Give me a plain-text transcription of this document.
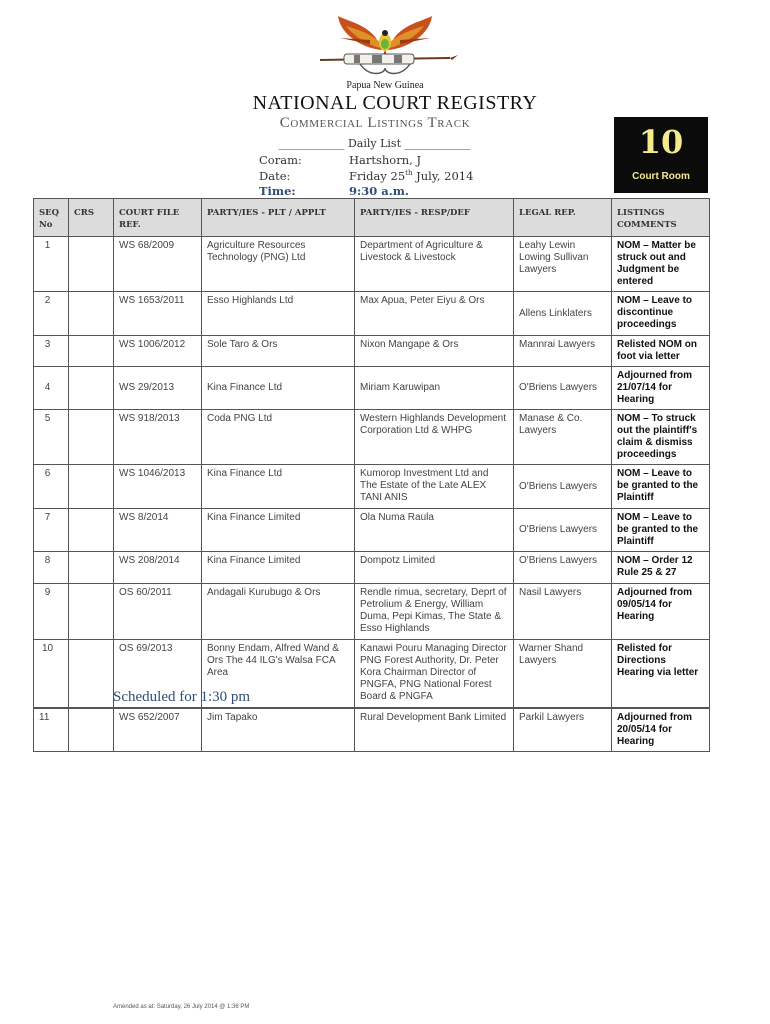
Papua New Guinea
NATIONAL COURT REGISTRY
Commercial Listings Track
____________ Daily List ____________
Coram:	Hartshorn, J
Date:	Friday 25th July, 2014
Time:	9:30 a.m.
10
Court Room
SEQ No	CRS	COURT FILE REF.	PARTY/IES - PLT / APPLT	PARTY/IES - RESP/DEF	LEGAL REP.	LISTINGS COMMENTS
1		WS 68/2009	Agriculture Resources Technology (PNG) Ltd	Department of Agriculture & Livestock & Livestock	Leahy Lewin Lowing Sullivan Lawyers	NOM – Matter be struck out and Judgment be entered
2		WS 1653/2011	Esso Highlands Ltd	Max Apua, Peter Eiyu & Ors	Allens Linklaters	NOM – Leave to discontinue proceedings
3		WS 1006/2012	Sole Taro & Ors	Nixon Mangape & Ors	Mannrai Lawyers	Relisted NOM on foot via letter
4		WS 29/2013	Kina Finance Ltd	Miriam Karuwipan	O'Briens Lawyers	Adjourned from 21/07/14 for Hearing
5		WS 918/2013	Coda PNG Ltd	Western Highlands Development Corporation Ltd & WHPG	Manase & Co. Lawyers	NOM – To struck out the plaintiff's claim & dismiss proceedings
6		WS 1046/2013	Kina Finance Ltd	Kumorop Investment Ltd and The Estate of the Late ALEX TANI ANIS	O'Briens Lawyers	NOM – Leave to be granted to the Plaintiff
7		WS 8/2014	Kina Finance Limited	Ola Numa Raula	O'Briens Lawyers	NOM – Leave to be granted to the Plaintiff
8		WS 208/2014	Kina Finance Limited	Dompotz Limited	O'Briens Lawyers	NOM – Order 12 Rule 25 & 27
9		OS 60/2011	Andagali Kurubugo & Ors	Rendle rimua, secretary, Deprt of Petrolium & Energy, William Duma, Pepi Kimas, The State & Esso Highlands	Nasil Lawyers	Adjourned from 09/05/14 for Hearing
10		OS 69/2013	Bonny Endam, Alfred Wand & Ors The 44 ILG's Walsa FCA Area	Kanawi Pouru Managing Director PNG Forest Authority, Dr. Peter Kora Chairman Director of PNGFA, PNG National Forest Board & PNGFA	Warner Shand Lawyers	Relisted for Directions Hearing via letter
Scheduled for 1:30 pm
11		WS 652/2007	Jim Tapako	Rural Development Bank Limited	Parkil Lawyers	Adjourned from 20/05/14 for Hearing
Amended as at: Saturday, 26 July 2014 @ 1:36 PM
